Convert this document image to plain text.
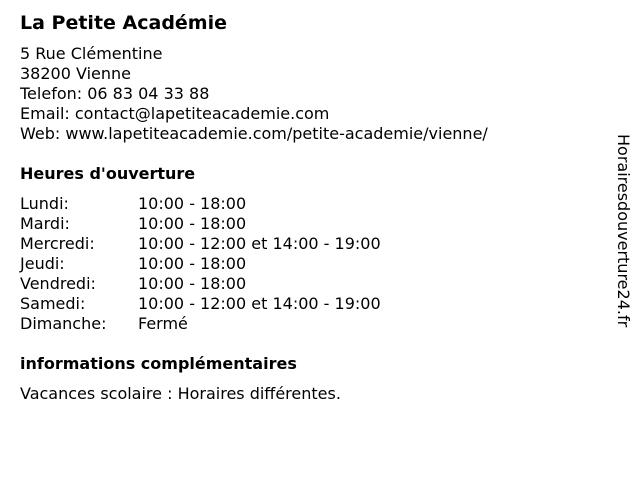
La Petite Académie
5 Rue Clémentine
38200 Vienne
Telefon: 06 83 04 33 88
Email: contact@lapetiteacademie.com
Web: www.lapetiteacademie.com/petite-academie/vienne/
Heures d'ouverture
Lundi:	10:00 - 18:00
Mardi:	10:00 - 18:00
Mercredi:	10:00 - 12:00 et 14:00 - 19:00
Jeudi:	10:00 - 18:00
Vendredi:	10:00 - 18:00
Samedi:	10:00 - 12:00 et 14:00 - 19:00
Dimanche:	Fermé
informations complémentaires
Vacances scolaire : Horaires différentes.
Horairesdouverture24.fr
